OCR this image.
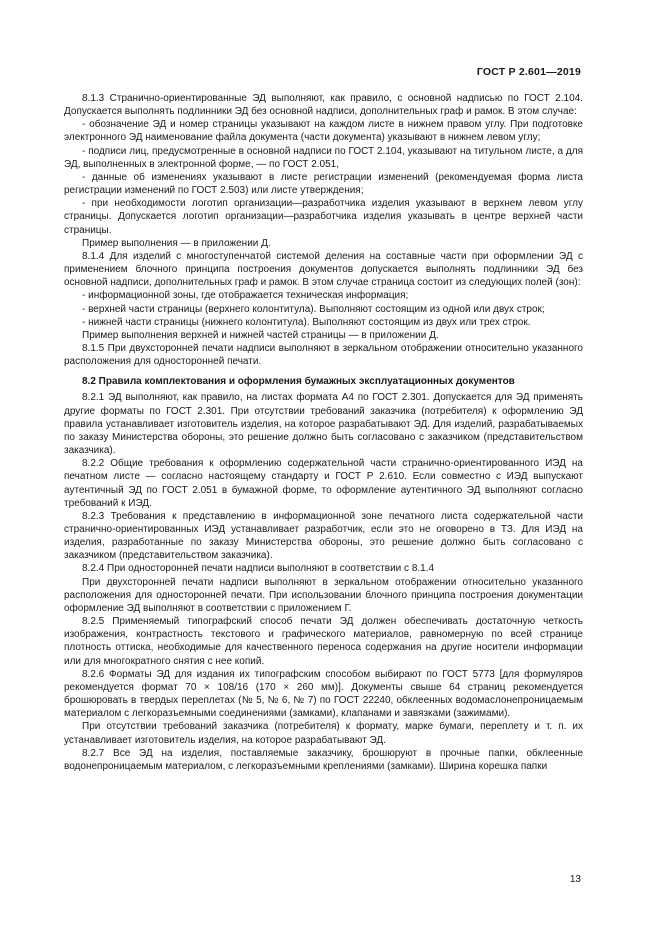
ГОСТ Р 2.601—2019

8.1.3 Странично-ориентированные ЭД выполняют, как правило, с основной надписью по ГОСТ 2.104. Допускается выполнять подлинники ЭД без основной надписи, дополнительных граф и рамок. В этом случае:

- обозначение ЭД и номер страницы указывают на каждом листе в нижнем правом углу. При подготовке электронного ЭД наименование файла документа (части документа) указывают в нижнем левом углу;

- подписи лиц, предусмотренные в основной надписи по ГОСТ 2.104, указывают на титульном листе, а для ЭД, выполненных в электронной форме, — по ГОСТ 2.051,

- данные об изменениях указывают в листе регистрации изменений (рекомендуемая форма листа регистрации изменений по ГОСТ 2.503) или листе утверждения;

- при необходимости логотип организации—разработчика изделия указывают в верхнем левом углу страницы. Допускается логотип организации—разработчика изделия указывать в центре верхней части страницы.

Пример выполнения — в приложении Д.

8.1.4 Для изделий с многоступенчатой системой деления на составные части при оформлении ЭД с применением блочного принципа построения документов допускается выполнять подлинники ЭД без основной надписи, дополнительных граф и рамок. В этом случае страница состоит из следующих полей (зон):

- информационной зоны, где отображается техническая информация;

- верхней части страницы (верхнего колонтитула). Выполняют состоящим из одной или двух строк;

- нижней части страницы (нижнего колонтитула). Выполняют состоящим из двух или трех строк.

Пример выполнения верхней и нижней частей страницы — в приложении Д.

8.1.5 При двухсторонней печати надписи выполняют в зеркальном отображении относительно указанного расположения для односторонней печати.

8.2 Правила комплектования и оформления бумажных эксплуатационных документов

8.2.1 ЭД выполняют, как правило, на листах формата А4 по ГОСТ 2.301. Допускается для ЭД применять другие форматы по ГОСТ 2.301. При отсутствии требований заказчика (потребителя) к оформлению ЭД правила устанавливает изготовитель изделия, на которое разрабатывают ЭД. Для изделий, разрабатываемых по заказу Министерства обороны, это решение должно быть согласовано с заказчиком (представительством заказчика).

8.2.2 Общие требования к оформлению содержательной части странично-ориентированного ИЭД на печатном листе — согласно настоящему стандарту и ГОСТ Р 2.610. Если совместно с ИЭД выпускают аутентичный ЭД по ГОСТ 2.051 в бумажной форме, то оформление аутентичного ЭД выполняют согласно требований к ИЭД.

8.2.3 Требования к представлению в информационной зоне печатного листа содержательной части странично-ориентированных ИЭД устанавливает разработчик, если это не оговорено в ТЗ. Для ИЭД на изделия, разработанные по заказу Министерства обороны, это решение должно быть согласовано с заказчиком (представительством заказчика).

8.2.4 При односторонней печати надписи выполняют в соответствии с 8.1.4

При двухсторонней печати надписи выполняют в зеркальном отображении относительно указанного расположения для односторонней печати. При использовании блочного принципа построения документации оформление ЭД выполняют в соответствии с приложением Г.

8.2.5 Применяемый типографский способ печати ЭД должен обеспечивать достаточную четкость изображения, контрастность текстового и графического материалов, равномерную по всей странице плотность оттиска, необходимые для качественного переноса содержания на другие носители информации или для многократного снятия с нее копий.

8.2.6 Форматы ЭД для издания их типографским способом выбирают по ГОСТ 5773 [для формуляров рекомендуется формат 70 × 108/16 (170 × 260 мм)]. Документы свыше 64 страниц рекомендуется брошюровать в твердых переплетах (№ 5, № 6, № 7) по ГОСТ 22240, обклеенных водомаслонепроницаемым материалом с легкоразъемными соединениями (замками), клапанами и завязками (зажимами).

При отсутствии требований заказчика (потребителя) к формату, марке бумаги, переплету и т. п. их устанавливает изготовитель изделия, на которое разрабатывают ЭД.

8.2.7 Все ЭД на изделия, поставляемые заказчику, брошюруют в прочные папки, обклеенные водонепроницаемым материалом, с легкоразъемными креплениями (замками). Ширина корешка папки

13
